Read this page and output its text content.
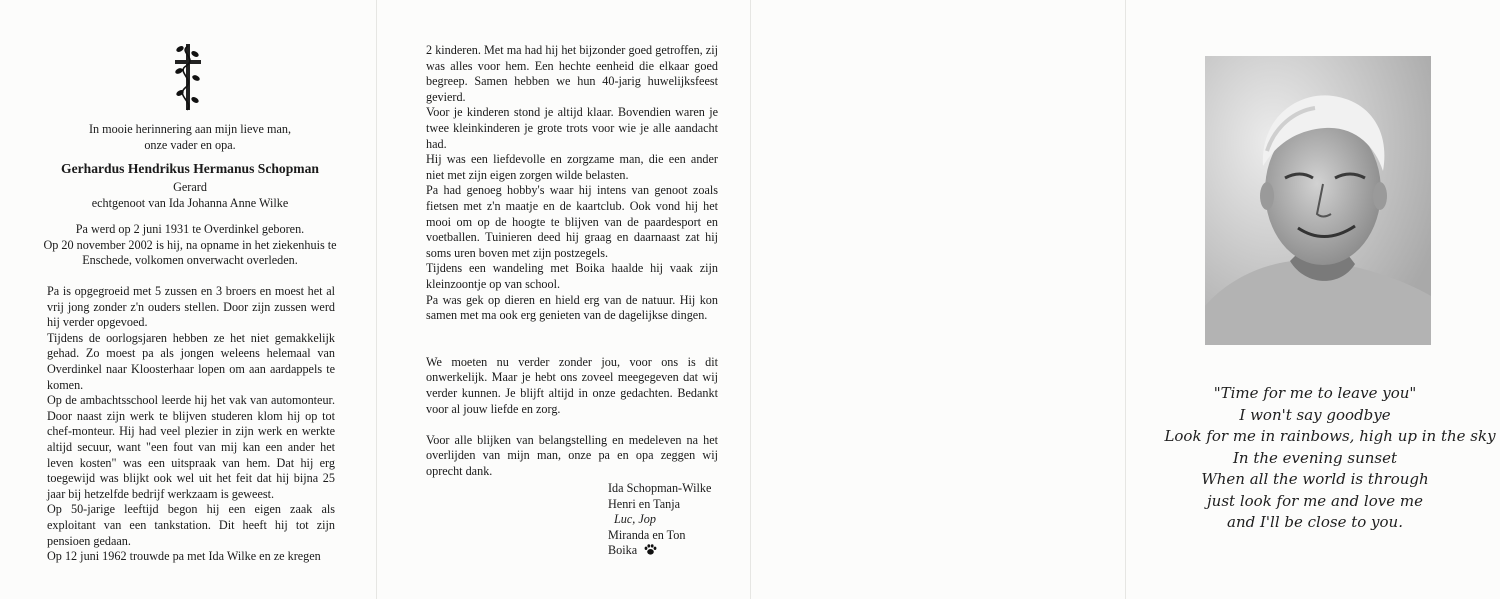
In mooie herinnering aan mijn lieve man,
onze vader en opa.
Gerhardus Hendrikus Hermanus Schopman
Gerard
echtgenoot van Ida Johanna Anne Wilke
Pa werd op 2 juni 1931 te Overdinkel geboren.
Op 20 november 2002 is hij, na opname in het ziekenhuis te Enschede, volkomen onverwacht overleden.

Pa is opgegroeid met 5 zussen en 3 broers en moest het al vrij jong zonder z'n ouders stellen. Door zijn zussen werd hij verder opgevoed.

Tijdens de oorlogsjaren hebben ze het niet gemakkelijk gehad. Zo moest pa als jongen weleens helemaal van Overdinkel naar Kloosterhaar lopen om aan aardappels te komen.

Op de ambachtsschool leerde hij het vak van automonteur. Door naast zijn werk te blijven studeren klom hij op tot chef-monteur. Hij had veel plezier in zijn werk en werkte altijd secuur, want "een fout van mij kan een ander het leven kosten" was een uitspraak van hem. Dat hij erg toegewijd was blijkt ook wel uit het feit dat hij bijna 25 jaar bij hetzelfde bedrijf werkzaam is geweest.

Op 50-jarige leeftijd begon hij een eigen zaak als exploitant van een tankstation. Dit heeft hij tot zijn pensioen gedaan.

Op 12 juni 1962 trouwde pa met Ida Wilke en ze kregen

2 kinderen. Met ma had hij het bijzonder goed getroffen, zij was alles voor hem. Een hechte eenheid die elkaar goed begreep. Samen hebben we hun 40-jarig huwelijksfeest gevierd.

Voor je kinderen stond je altijd klaar. Bovendien waren je twee kleinkinderen je grote trots voor wie je alle aandacht had.

Hij was een liefdevolle en zorgzame man, die een ander niet met zijn eigen zorgen wilde belasten.

Pa had genoeg hobby's waar hij intens van genoot zoals fietsen met z'n maatje en de kaartclub. Ook vond hij het mooi om op de hoogte te blijven van de paardesport en voetballen. Tuinieren deed hij graag en daarnaast zat hij soms uren boven met zijn postzegels.

Tijdens een wandeling met Boika haalde hij vaak zijn kleinzoontje op van school.

Pa was gek op dieren en hield erg van de natuur. Hij kon samen met ma ook erg genieten van de dagelijkse dingen.

We moeten nu verder zonder jou, voor ons is dit onwerkelijk. Maar je hebt ons zoveel meegegeven dat wij verder kunnen. Je blijft altijd in onze gedachten. Bedankt voor al jouw liefde en zorg.

Voor alle blijken van belangstelling en medeleven na het overlijden van mijn man, onze pa en opa zeggen wij oprecht dank.

Ida Schopman-Wilke
Henri en Tanja
Luc, Jop
Miranda en Ton
Boika
"Time for me to leave you"
I won't say goodbye
Look for me in rainbows, high up in the sky
In the evening sunset
When all the world is through
just look for me and love me
and I'll be close to you.
